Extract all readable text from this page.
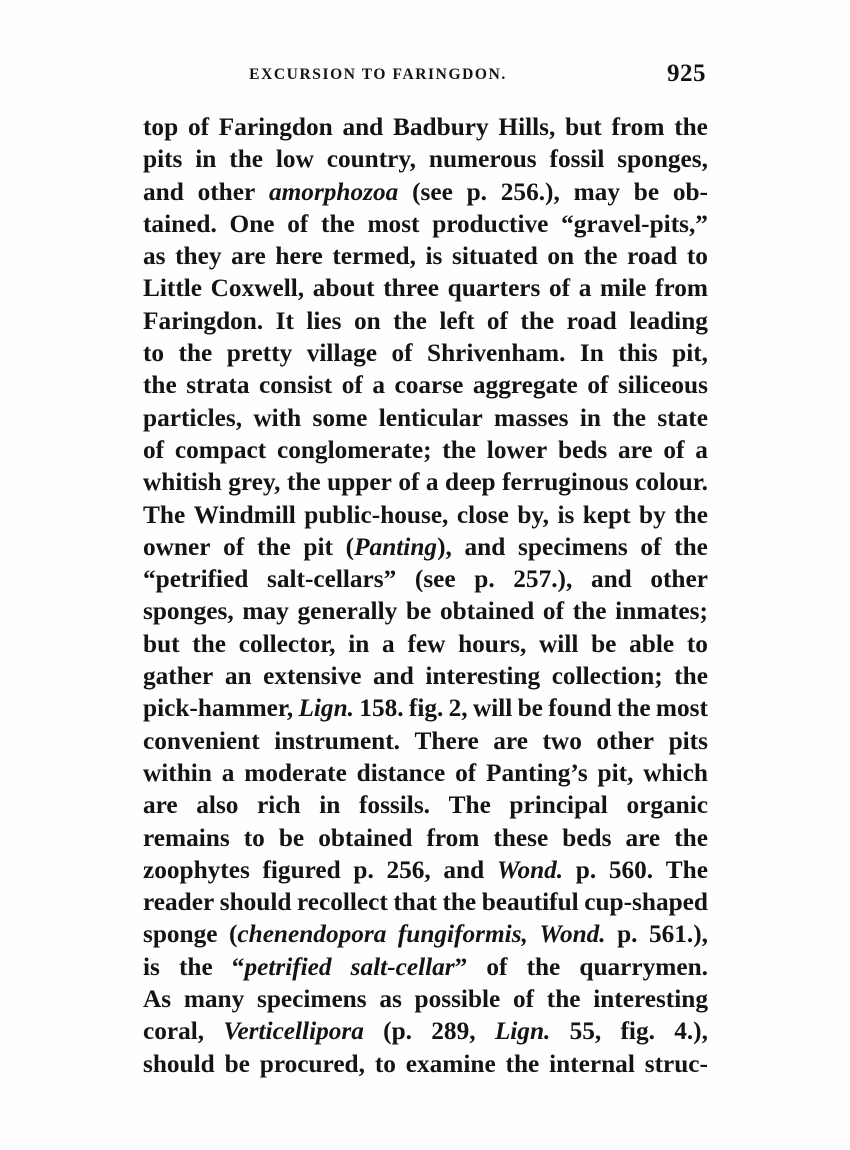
EXCURSION TO FARINGDON.	925
top of Faringdon and Badbury Hills, but from the
pits in the low country, numerous fossil sponges,
and other amorphozoa (see p. 256.), may be ob-
tained. One of the most productive “gravel-pits,”
as they are here termed, is situated on the road to
Little Coxwell, about three quarters of a mile from
Faringdon. It lies on the left of the road leading
to the pretty village of Shrivenham. In this pit,
the strata consist of a coarse aggregate of siliceous
particles, with some lenticular masses in the state
of compact conglomerate; the lower beds are of a
whitish grey, the upper of a deep ferruginous colour.
The Windmill public-house, close by, is kept by the
owner of the pit (Panting), and specimens of the
“petrified salt-cellars” (see p. 257.), and other
sponges, may generally be obtained of the inmates;
but the collector, in a few hours, will be able to
gather an extensive and interesting collection; the
pick-hammer, Lign. 158. fig. 2, will be found the most
convenient instrument. There are two other pits
within a moderate distance of Panting’s pit, which
are also rich in fossils. The principal organic
remains to be obtained from these beds are the
zoophytes figured p. 256, and Wond. p. 560. The
reader should recollect that the beautiful cup-shaped
sponge (chenendopora fungiformis, Wond. p. 561.),
is the “petrified salt-cellar” of the quarrymen.
As many specimens as possible of the interesting
coral, Verticellipora (p. 289, Lign. 55, fig. 4.),
should be procured, to examine the internal struc-
